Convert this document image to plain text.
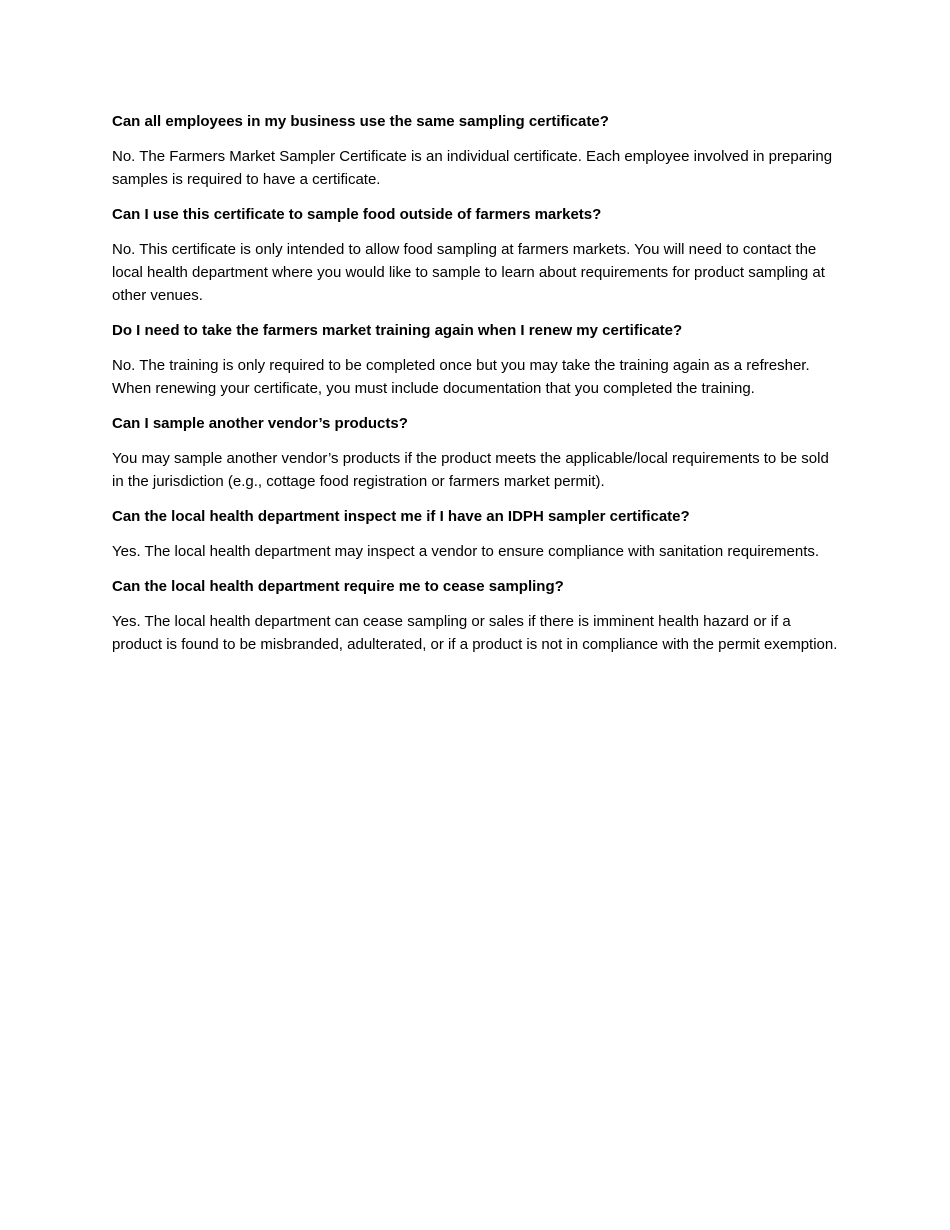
Can all employees in my business use the same sampling certificate?

No. The Farmers Market Sampler Certificate is an individual certificate. Each employee involved in preparing samples is required to have a certificate.

Can I use this certificate to sample food outside of farmers markets?

No. This certificate is only intended to allow food sampling at farmers markets. You will need to contact the local health department where you would like to sample to learn about requirements for product sampling at other venues.

Do I need to take the farmers market training again when I renew my certificate?

No. The training is only required to be completed once but you may take the training again as a refresher. When renewing your certificate, you must include documentation that you completed the training.

Can I sample another vendor’s products?

You may sample another vendor’s products if the product meets the applicable/local requirements to be sold in the jurisdiction (e.g., cottage food registration or farmers market permit).

Can the local health department inspect me if I have an IDPH sampler certificate?

Yes. The local health department may inspect a vendor to ensure compliance with sanitation requirements.

Can the local health department require me to cease sampling?

Yes. The local health department can cease sampling or sales if there is imminent health hazard or if a product is found to be misbranded, adulterated, or if a product is not in compliance with the permit exemption.
